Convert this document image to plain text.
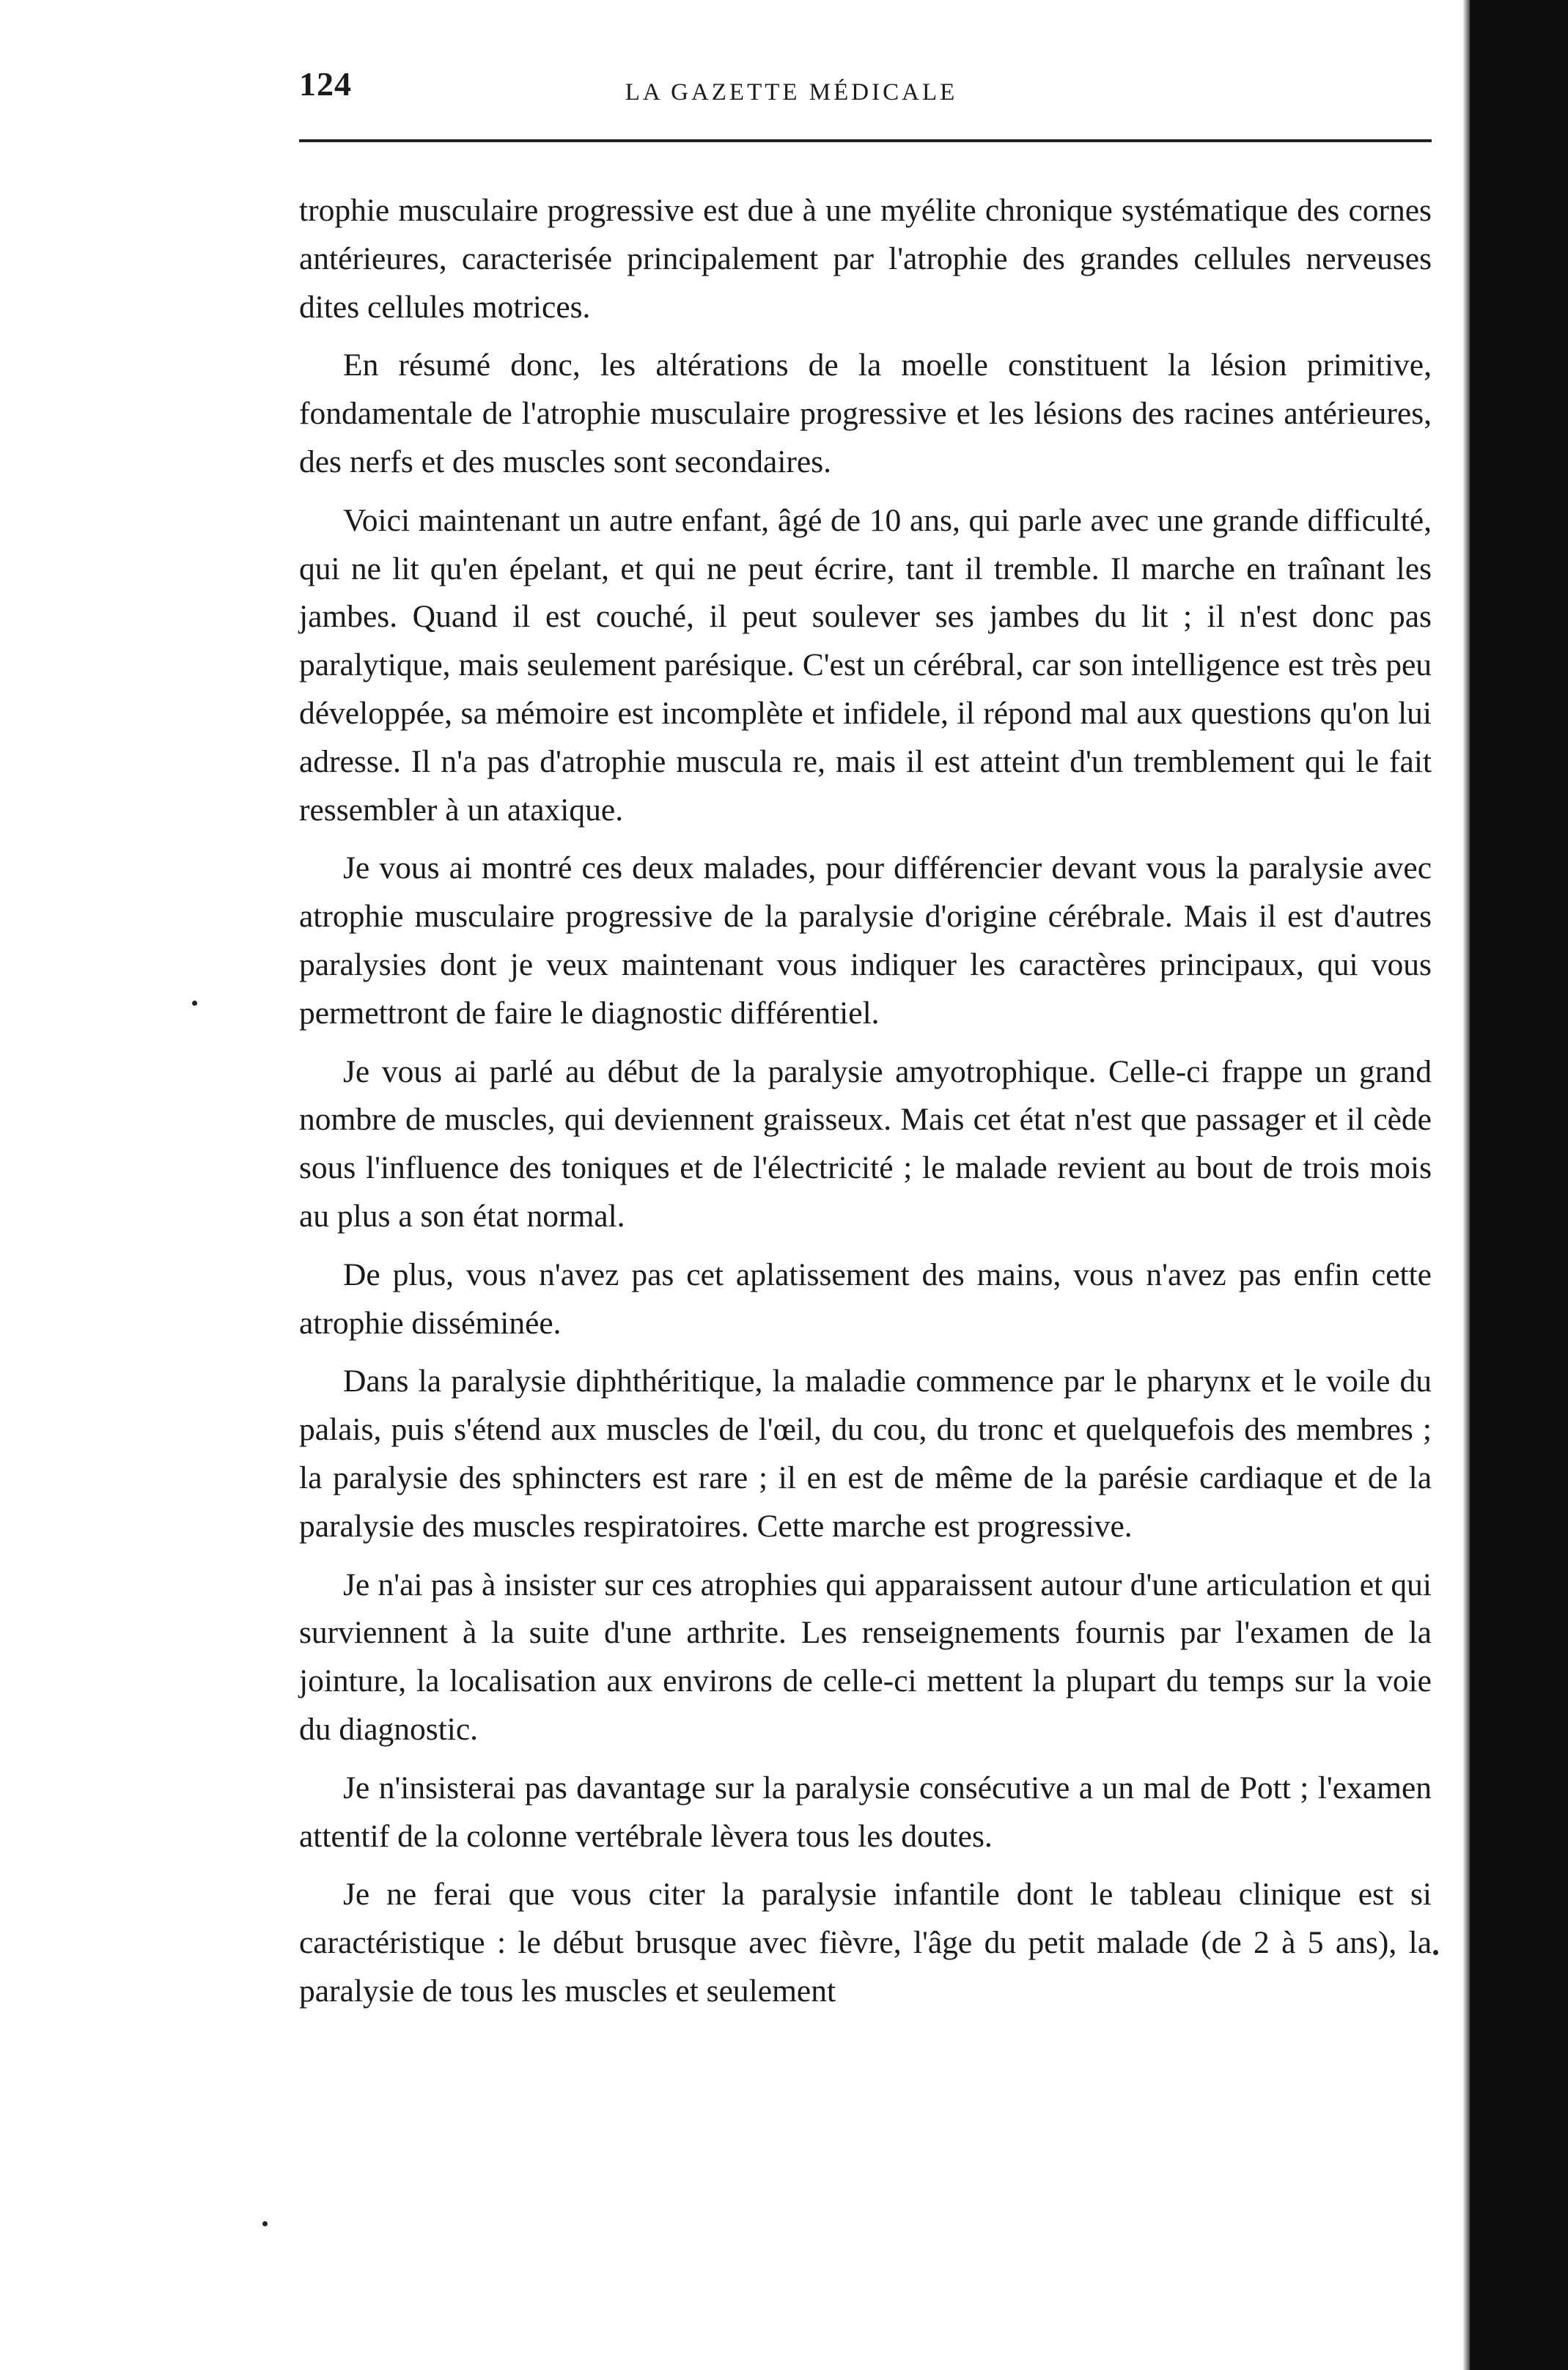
124	LA GAZETTE MÉDICALE

trophie musculaire progressive est due à une myélite chronique systématique des cornes antérieures, caracterisée principalement par l'atrophie des grandes cellules nerveuses dites cellules motrices.

En résumé donc, les altérations de la moelle constituent la lésion primitive, fondamentale de l'atrophie musculaire progressive et les lésions des racines antérieures, des nerfs et des muscles sont secondaires.

Voici maintenant un autre enfant, âgé de 10 ans, qui parle avec une grande difficulté, qui ne lit qu'en épelant, et qui ne peut écrire, tant il tremble. Il marche en traînant les jambes. Quand il est couché, il peut soulever ses jambes du lit ; il n'est donc pas paralytique, mais seulement parésique. C'est un cérébral, car son intelligence est très peu développée, sa mémoire est incomplète et infidele, il répond mal aux questions qu'on lui adresse. Il n'a pas d'atrophie muscula re, mais il est atteint d'un tremblement qui le fait ressembler à un ataxique.

Je vous ai montré ces deux malades, pour différencier devant vous la paralysie avec atrophie musculaire progressive de la paralysie d'origine cérébrale. Mais il est d'autres paralysies dont je veux maintenant vous indiquer les caractères principaux, qui vous permettront de faire le diagnostic différentiel.

Je vous ai parlé au début de la paralysie amyotrophique. Celle-ci frappe un grand nombre de muscles, qui deviennent graisseux. Mais cet état n'est que passager et il cède sous l'influence des toniques et de l'électricité ; le malade revient au bout de trois mois au plus a son état normal.

De plus, vous n'avez pas cet aplatissement des mains, vous n'avez pas enfin cette atrophie disséminée.

Dans la paralysie diphthéritique, la maladie commence par le pharynx et le voile du palais, puis s'étend aux muscles de l'œil, du cou, du tronc et quelquefois des membres ; la paralysie des sphincters est rare ; il en est de même de la parésie cardiaque et de la paralysie des muscles respiratoires. Cette marche est progressive.

Je n'ai pas à insister sur ces atrophies qui apparaissent autour d'une articulation et qui surviennent à la suite d'une arthrite. Les renseignements fournis par l'examen de la jointure, la localisation aux environs de celle-ci mettent la plupart du temps sur la voie du diagnostic.

Je n'insisterai pas davantage sur la paralysie consécutive a un mal de Pott ; l'examen attentif de la colonne vertébrale lèvera tous les doutes.

Je ne ferai que vous citer la paralysie infantile dont le tableau clinique est si caractéristique : le début brusque avec fièvre, l'âge du petit malade (de 2 à 5 ans), la paralysie de tous les muscles et seulement
